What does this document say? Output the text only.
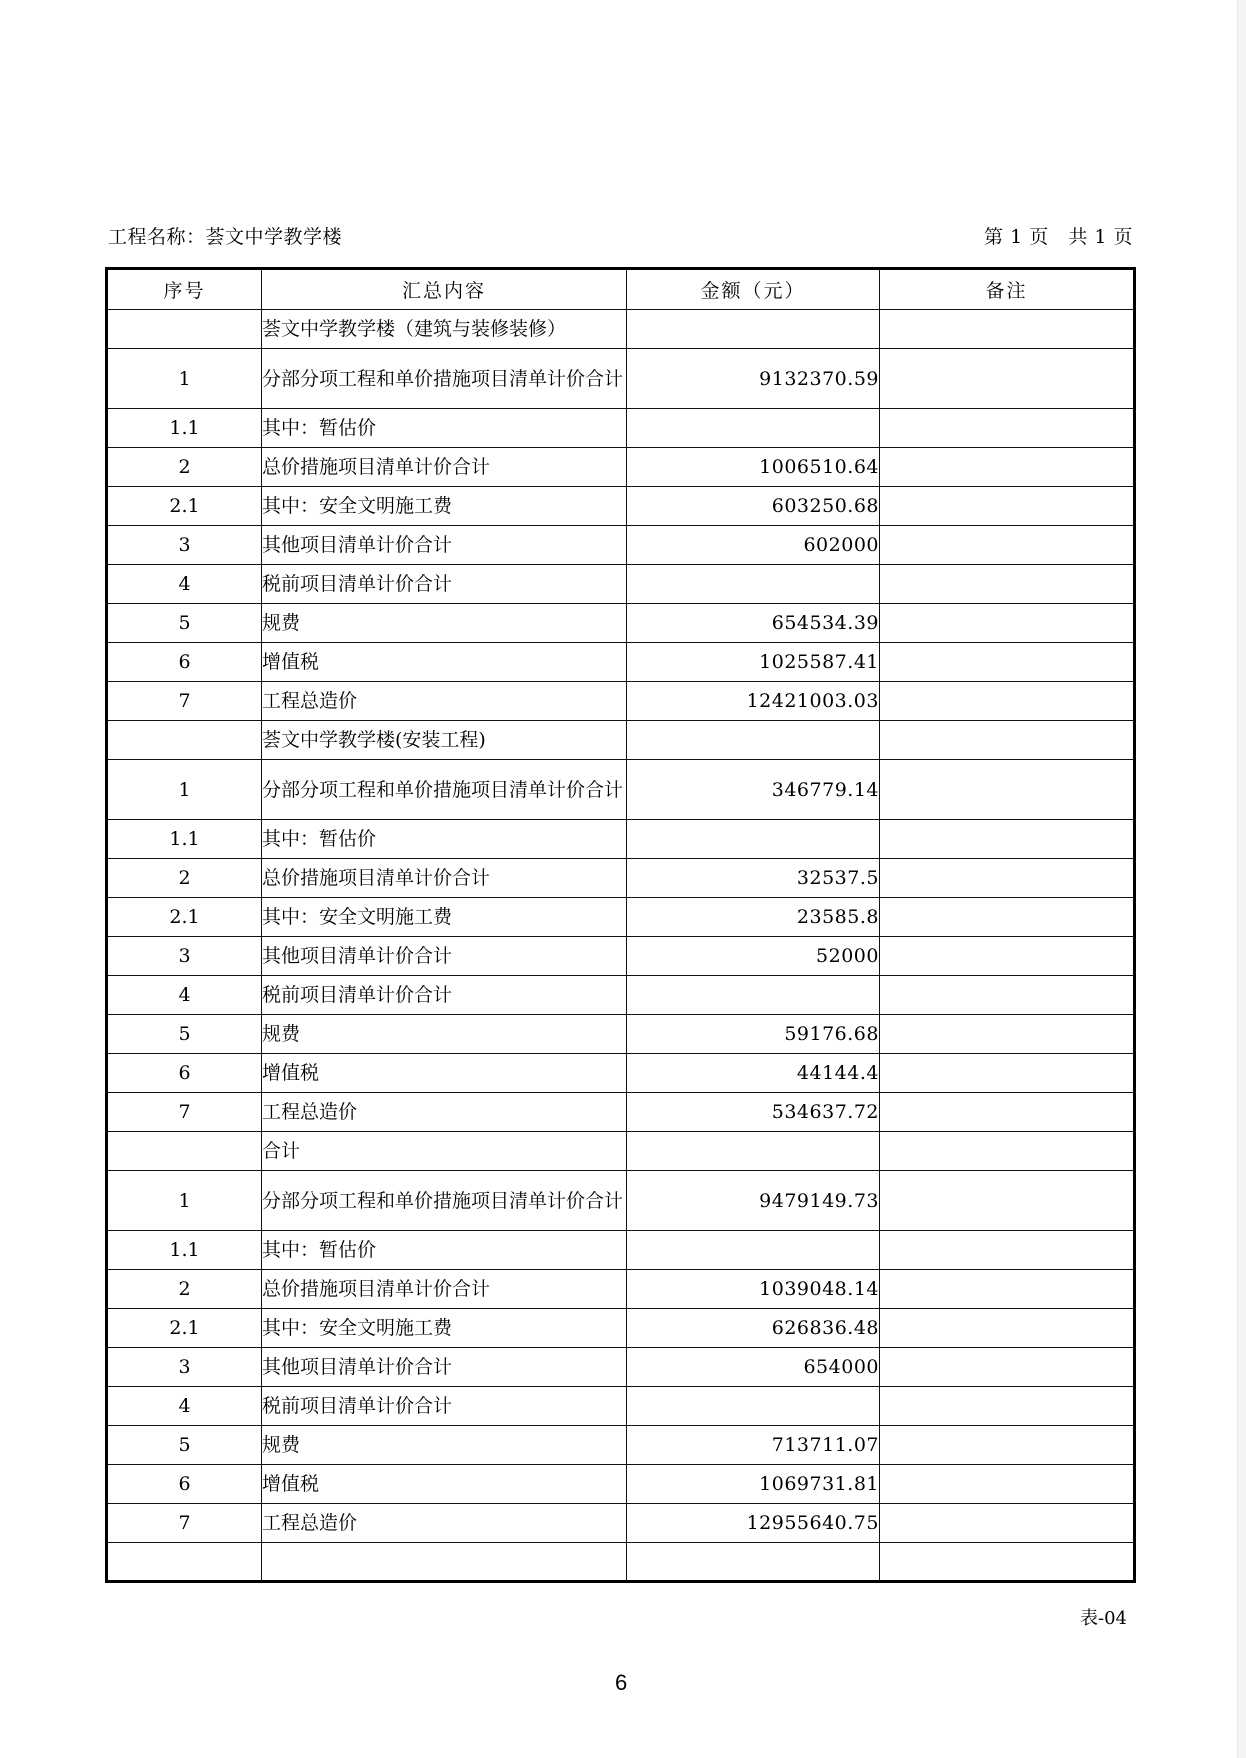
工程名称：荟文中学教学楼	第 1 页   共 1 页
序号	汇总内容	金额（元）	备注
	荟文中学教学楼（建筑与装修装修）		
1	分部分项工程和单价措施项目清单计价合计	9132370.59	
1.1	其中：暂估价		
2	总价措施项目清单计价合计	1006510.64	
2.1	其中：安全文明施工费	603250.68	
3	其他项目清单计价合计	602000	
4	税前项目清单计价合计		
5	规费	654534.39	
6	增值税	1025587.41	
7	工程总造价	12421003.03	
	荟文中学教学楼(安装工程)		
1	分部分项工程和单价措施项目清单计价合计	346779.14	
1.1	其中：暂估价		
2	总价措施项目清单计价合计	32537.5	
2.1	其中：安全文明施工费	23585.8	
3	其他项目清单计价合计	52000	
4	税前项目清单计价合计		
5	规费	59176.68	
6	增值税	44144.4	
7	工程总造价	534637.72	
	合计		
1	分部分项工程和单价措施项目清单计价合计	9479149.73	
1.1	其中：暂估价		
2	总价措施项目清单计价合计	1039048.14	
2.1	其中：安全文明施工费	626836.48	
3	其他项目清单计价合计	654000	
4	税前项目清单计价合计		
5	规费	713711.07	
6	增值税	1069731.81	
7	工程总造价	12955640.75	

表-04
6
